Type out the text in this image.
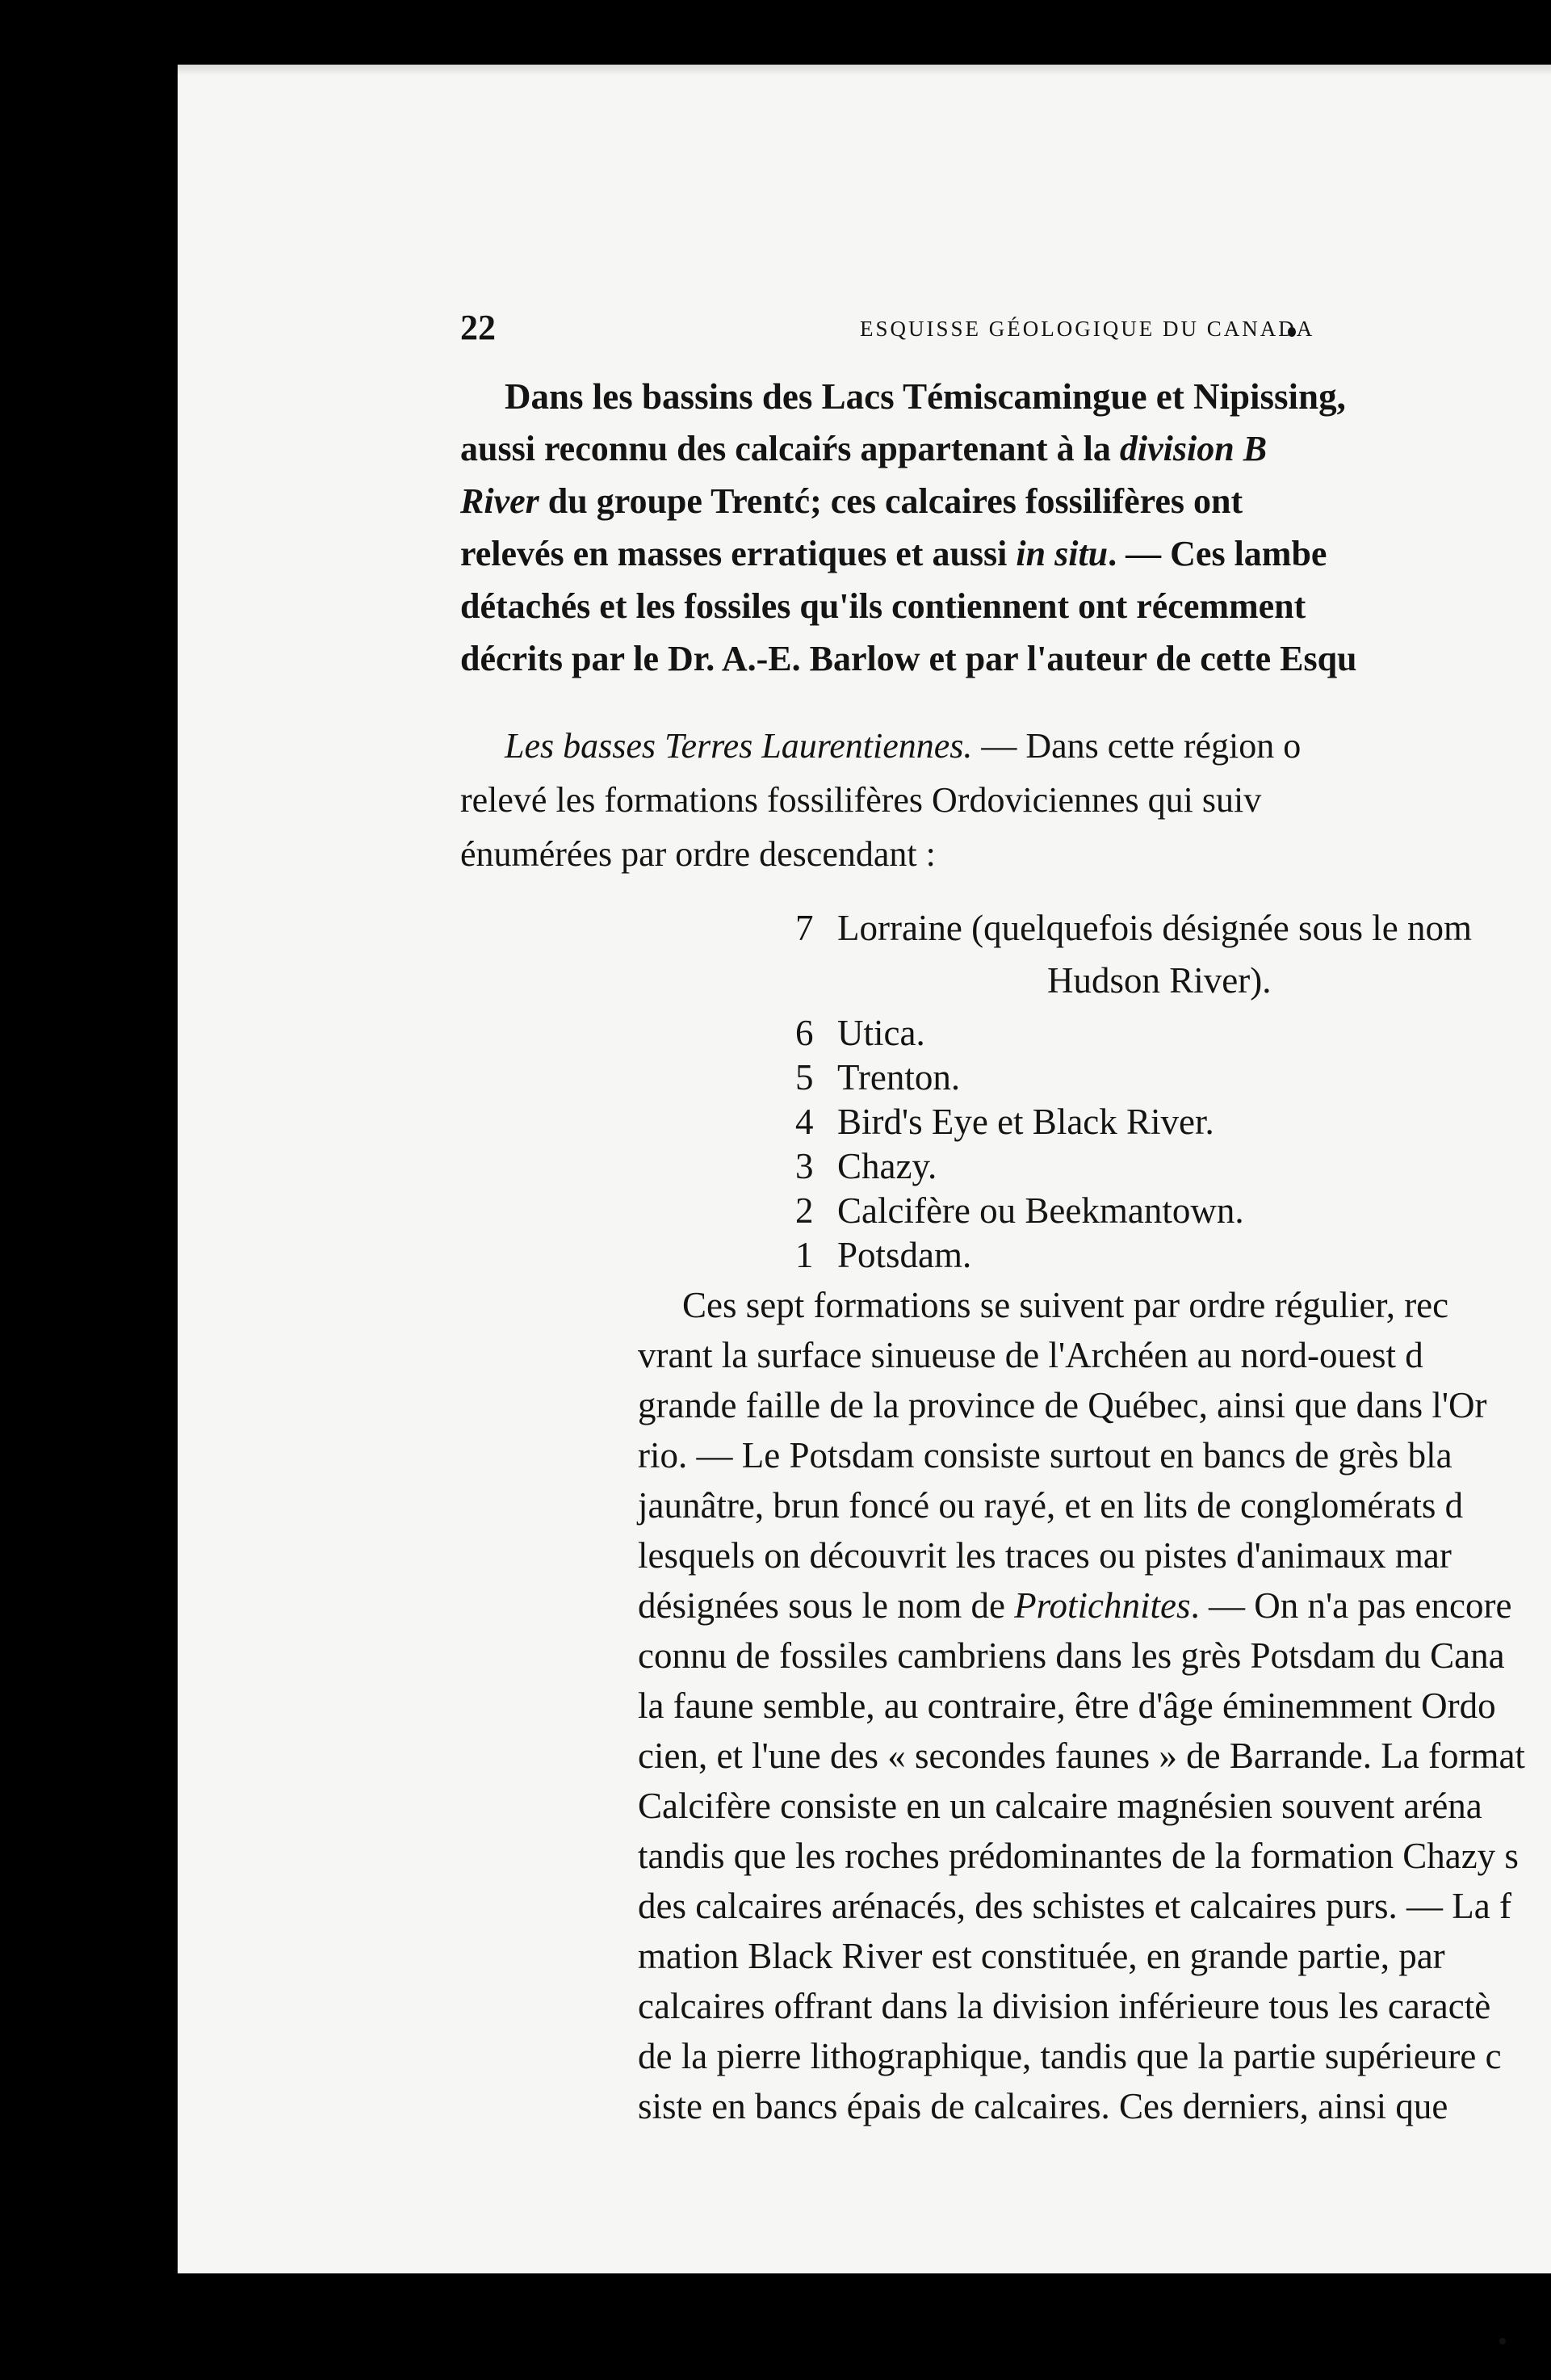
22	ESQUISSE GÉOLOGIQUE DU CANADA
Dans les bassins des Lacs Témiscamingue et Nipissing,
aussi reconnu des calcaiŕs appartenant à la division B
River du groupe Trentć; ces calcaires fossilifères ont
relevés en masses erratiques et aussi in situ. — Ces lambe
détachés et les fossiles qu'ils contiennent ont récemment
décrits par le Dr. A.-E. Barlow et par l'auteur de cette Esqu
Les basses Terres Laurentiennes. — Dans cette région o
relevé les formations fossilifères Ordoviciennes qui suiv
énumérées par ordre descendant :
7 Lorraine (quelquefois désignée sous le nom
Hudson River).
6 Utica.
5 Trenton.
4 Bird's Eye et Black River.
3 Chazy.
2 Calcifère ou Beekmantown.
1 Potsdam.
Ces sept formations se suivent par ordre régulier, rec
vrant la surface sinueuse de l'Archéen au nord-ouest d
grande faille de la province de Québec, ainsi que dans l'Or
rio. — Le Potsdam consiste surtout en bancs de grès bla
jaunâtre, brun foncé ou rayé, et en lits de conglomérats d
lesquels on découvrit les traces ou pistes d'animaux mar
désignées sous le nom de Protichnites. — On n'a pas encore
connu de fossiles cambriens dans les grès Potsdam du Cana
la faune semble, au contraire, être d'âge éminemment Ordo
cien, et l'une des « secondes faunes » de Barrande. La format
Calcifère consiste en un calcaire magnésien souvent aréna
tandis que les roches prédominantes de la formation Chazy s
des calcaires arénacés, des schistes et calcaires purs. — La f
mation Black River est constituée, en grande partie, par
calcaires offrant dans la division inférieure tous les caractè
de la pierre lithographique, tandis que la partie supérieure c
siste en bancs épais de calcaires. Ces derniers, ainsi que
